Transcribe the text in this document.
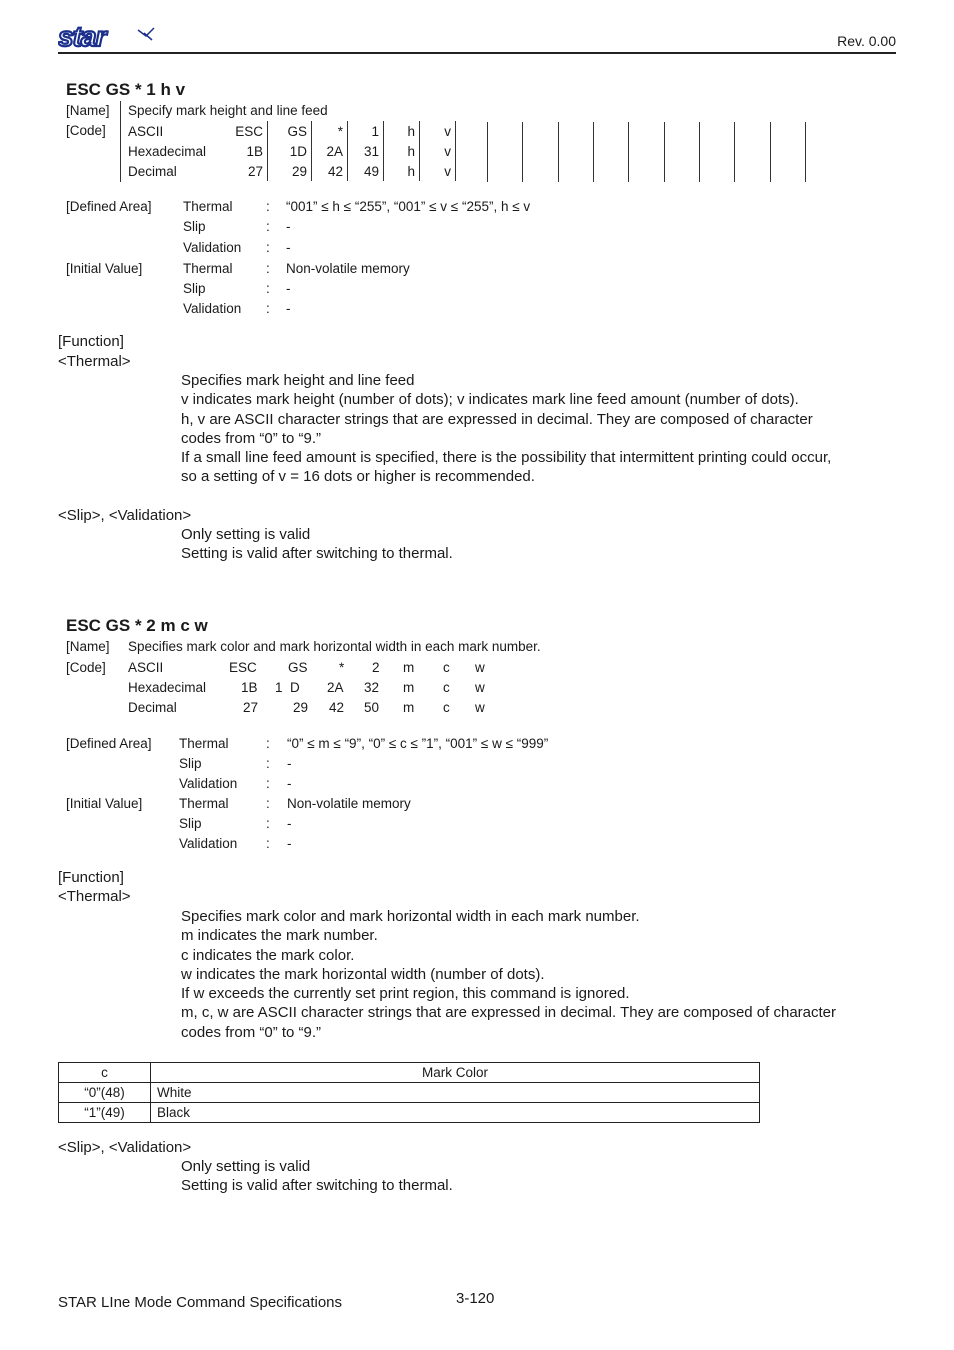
star	Rev. 0.00
ESC GS * 1 h v
[Name] Specify mark height and line feed
[Code] ASCII	ESC	GS	*	1	h	v
Hexadecimal	1B	1D	2A	31	h	v
Decimal	27	29	42	49	h	v
[Defined Area] Thermal : “001” ≤ h ≤ “255”, “001” ≤ v ≤ “255”, h ≤ v
Slip	: -
Validation : -
[Initial Value]	Thermal : Non-volatile memory
Slip	: -
Validation : -
[Function]
<Thermal>
Specifies mark height and line feed
v indicates mark height (number of dots); v indicates mark line feed amount (number of dots).
h, v are ASCII character strings that are expressed in decimal. They are composed of character
codes from “0” to “9.”
If a small line feed amount is specified, there is the possibility that intermittent printing could occur,
so a setting of v = 16 dots or higher is recommended.
<Slip>, <Validation>
Only setting is valid
Setting is valid after switching to thermal.
ESC GS * 2 m c w
[Name] Specifies mark color and mark horizontal width in each mark number.
[Code] ASCII	ESC GS * 2 m c w
Hexadecimal	1B 1  D 2A 32 m c w
Decimal	27	29 42 50 m c w
[Defined Area] Thermal	: “0” ≤ m ≤ “9”, “0” ≤ c ≤ ”1”, “001” ≤ w ≤ “999”
Slip	: -
Validation : -
[Initial Value]	Thermal	: Non-volatile memory
Slip	: -
Validation : -
[Function]
<Thermal>
Specifies mark color and mark horizontal width in each mark number.
m indicates the mark number.
c indicates the mark color.
w indicates the mark horizontal width (number of dots).
If w exceeds the currently set print region, this command is ignored.
m, c, w are ASCII character strings that are expressed in decimal. They are composed of character
codes from “0” to “9.”
c	Mark Color
“0”(48)	White
“1”(49)	Black
<Slip>, <Validation>
Only setting is valid
Setting is valid after switching to thermal.
STAR LIne Mode Command Specifications	3-120
